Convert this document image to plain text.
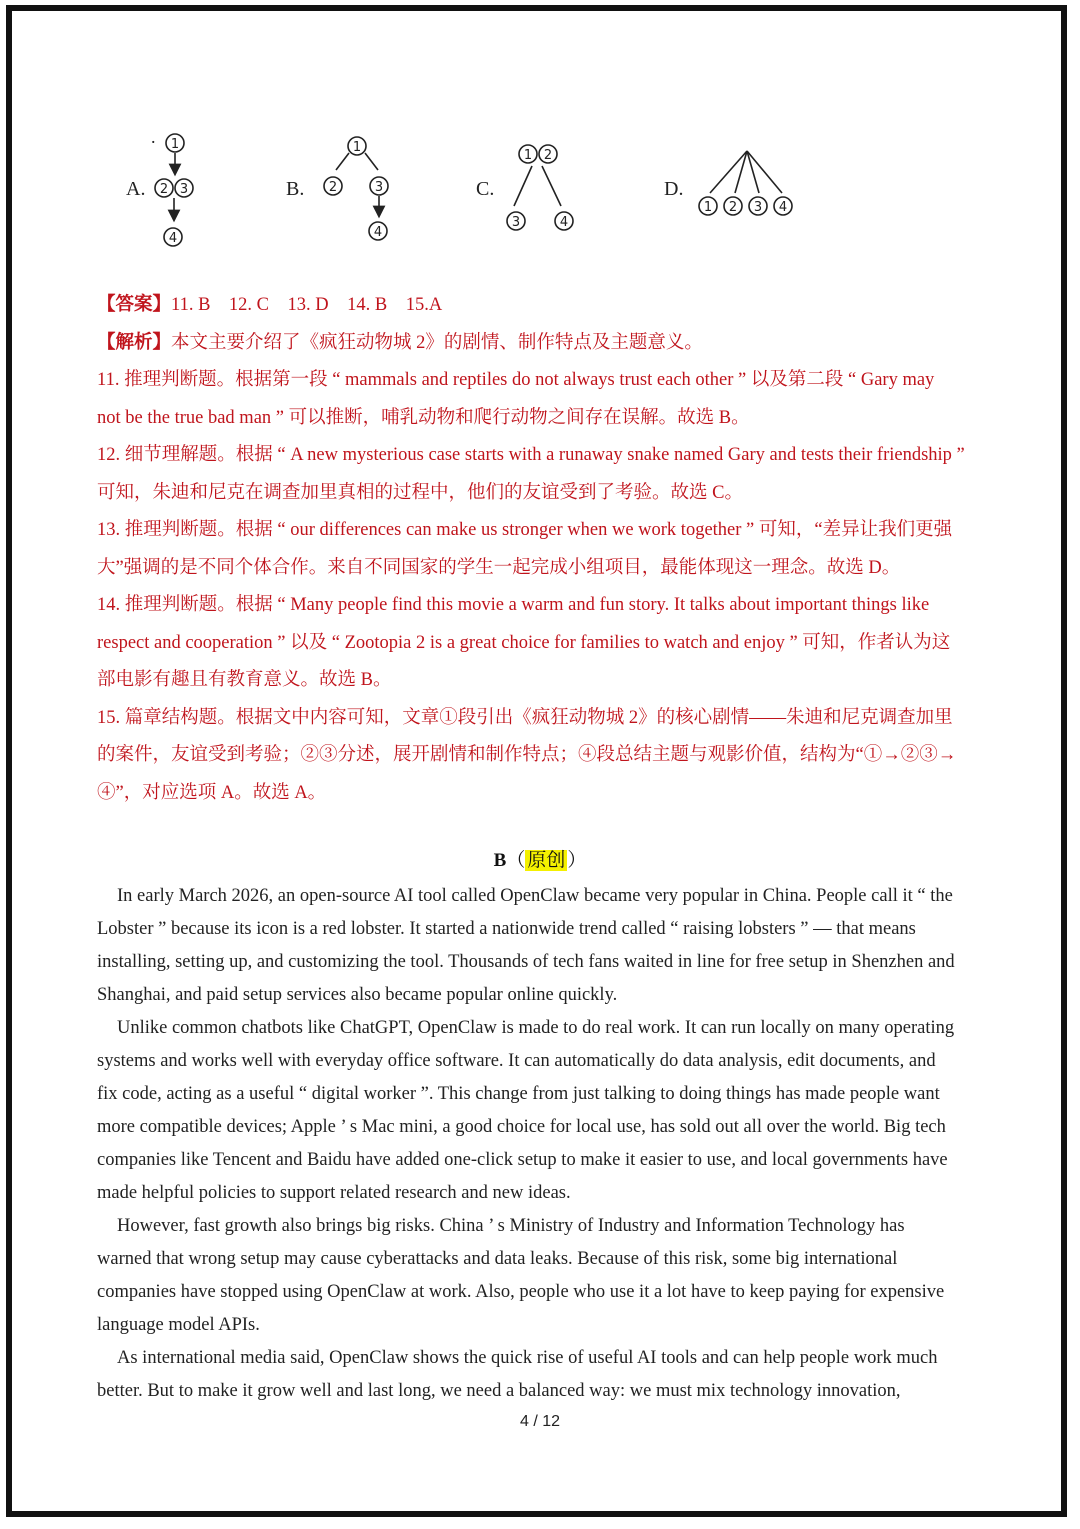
A.	B.	C.	D.
. 1
2 3
4
1
2	3
4
1 2
3	4
1 2 3 4

【答案】11. B    12. C    13. D    14. B    15.A

【解析】本文主要介绍了《疯狂动物城 2》的剧情、制作特点及主题意义。

11. 推理判断题。根据第一段 “ mammals and reptiles do not always trust each other ” 以及第二段 “ Gary may

not be the true bad man ” 可以推断，哺乳动物和爬行动物之间存在误解。故选 B。

12. 细节理解题。根据 “ A new mysterious case starts with a runaway snake named Gary and tests their friendship ”

可知，朱迪和尼克在调查加里真相的过程中，他们的友谊受到了考验。故选 C。

13. 推理判断题。根据 “ our differences can make us stronger when we work together ” 可知，“差异让我们更强

大”强调的是不同个体合作。来自不同国家的学生一起完成小组项目，最能体现这一理念。故选 D。

14. 推理判断题。根据 “ Many people find this movie a warm and fun story. It talks about important things like

respect and cooperation ” 以及 “ Zootopia 2 is a great choice for families to watch and enjoy ” 可知，作者认为这

部电影有趣且有教育意义。故选 B。

15. 篇章结构题。根据文中内容可知，文章①段引出《疯狂动物城 2》的核心剧情——朱迪和尼克调查加里

的案件，友谊受到考验；②③分述，展开剧情和制作特点；④段总结主题与观影价值，结构为“①→②③→

④”，对应选项 A。故选 A。

B（ 原创 ）

In early March 2026, an open-source AI tool called OpenClaw became very popular in China. People call it “ the

Lobster ” because its icon is a red lobster. It started a nationwide trend called “ raising lobsters ” — that means

installing, setting up, and customizing the tool. Thousands of tech fans waited in line for free setup in Shenzhen and

Shanghai, and paid setup services also became popular online quickly.

Unlike common chatbots like ChatGPT, OpenClaw is made to do real work. It can run locally on many operating

systems and works well with everyday office software. It can automatically do data analysis, edit documents, and

fix code, acting as a useful “ digital worker ”. This change from just talking to doing things has made people want

more compatible devices; Apple ’ s Mac mini, a good choice for local use, has sold out all over the world. Big tech

companies like Tencent and Baidu have added one-click setup to make it easier to use, and local governments have

made helpful policies to support related research and new ideas.

However, fast growth also brings big risks. China ’ s Ministry of Industry and Information Technology has

warned that wrong setup may cause cyberattacks and data leaks. Because of this risk, some big international

companies have stopped using OpenClaw at work. Also, people who use it a lot have to keep paying for expensive

language model APIs.

As international media said, OpenClaw shows the quick rise of useful AI tools and can help people work much

better. But to make it grow well and last long, we need a balanced way: we must mix technology innovation,

4 / 12
